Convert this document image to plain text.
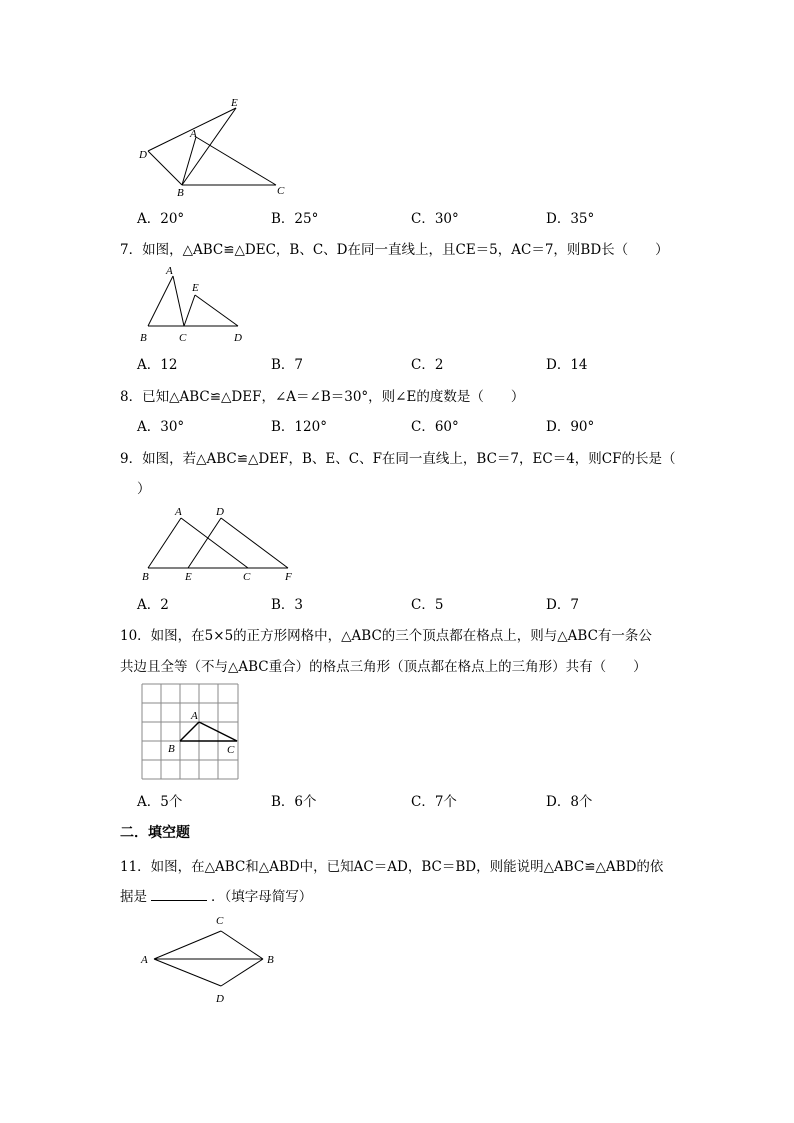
E
A
D
B	C
A．20°	B．25°	C．30°	D．35°
7．如图，△ABC≌△DEC，B、C、D在同一直线上，且CE＝5，AC＝7，则BD长（　　）
A
E
B	C	D
A．12	B．7	C．2	D．14
8．已知△ABC≌△DEF，∠A＝∠B＝30°，则∠E的度数是（　　）
A．30°	B．120°	C．60°	D．90°
9．如图，若△ABC≌△DEF，B、E、C、F在同一直线上，BC＝7，EC＝4，则CF的长是（
）
A	D
B	E	C	F
A．2	B．3	C．5	D．7
10．如图，在5×5的正方形网格中，△ABC的三个顶点都在格点上，则与△ABC有一条公
共边且全等（不与△ABC重合）的格点三角形（顶点都在格点上的三角形）共有（　　）
A
B	C
A．5个	B．6个	C．7个	D．8个
二．填空题
11．如图，在△ABC和△ABD中，已知AC＝AD，BC＝BD，则能说明△ABC≌△ABD的依
据是	．（填字母简写）
C
A	B
D
